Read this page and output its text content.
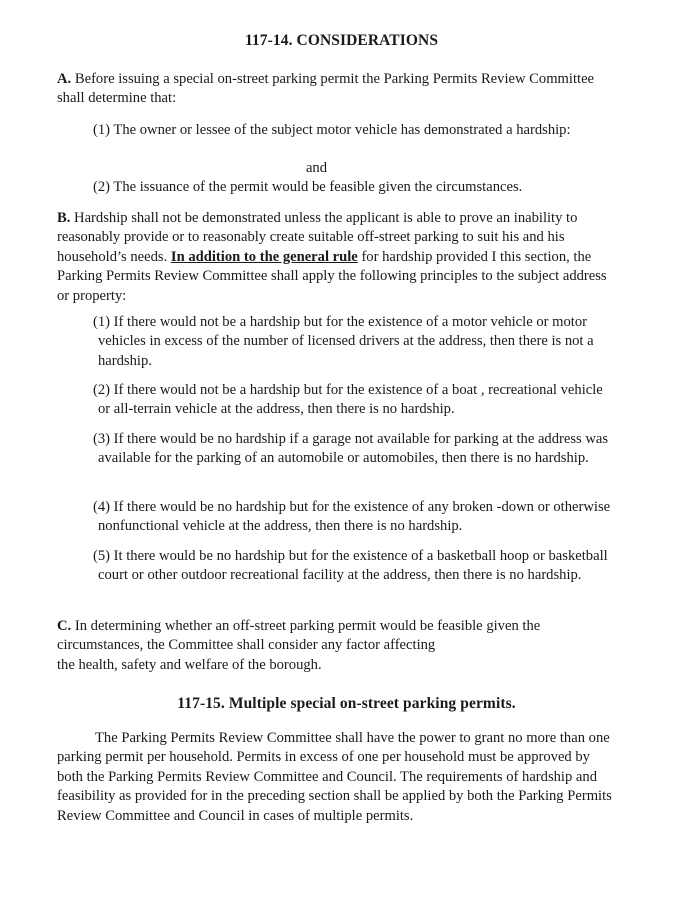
117-14. CONSIDERATIONS
A. Before issuing a special on-street parking permit the Parking Permits Review Committee shall determine that:
(1) The owner or lessee of the subject motor vehicle has demonstrated a hardship:
and
(2) The issuance of the permit would be feasible given the circumstances.
B. Hardship shall not be demonstrated unless the applicant is able to prove an inability to reasonably provide or to reasonably create suitable off-street parking to suit his and his household’s needs. In addition to the general rule for hardship provided I this section, the Parking Permits Review Committee shall apply the following principles to the subject address or property:
(1) If there would not be a hardship but for the existence of a motor vehicle or motor vehicles in excess of the number of licensed drivers at the address, then there is not a hardship.
(2) If there would not be a hardship but for the existence of a boat , recreational vehicle or all-terrain vehicle at the address, then there is no hardship.
(3) If there would be no hardship if a garage not available for parking at the address was available for the parking of an automobile or automobiles, then there is no hardship.
(4) If there would be no hardship but for the existence of any broken -down or otherwise nonfunctional vehicle at the address, then there is no hardship.
(5) It there would be no hardship but for the existence of a basketball hoop or basketball court or other outdoor recreational facility at the address, then there is no hardship.
C. In determining whether an off-street parking permit would be feasible given the
circumstances, the Committee shall consider any factor affecting
the health, safety and welfare of the borough.
117-15. Multiple special on-street parking permits.
The Parking Permits Review Committee shall have the power to grant no more than one parking permit per household. Permits in excess of one per household must be approved by both the Parking Permits Review Committee and Council. The requirements of hardship and feasibility as provided for in the preceding section shall be applied by both the Parking Permits Review Committee and Council in cases of multiple permits.
